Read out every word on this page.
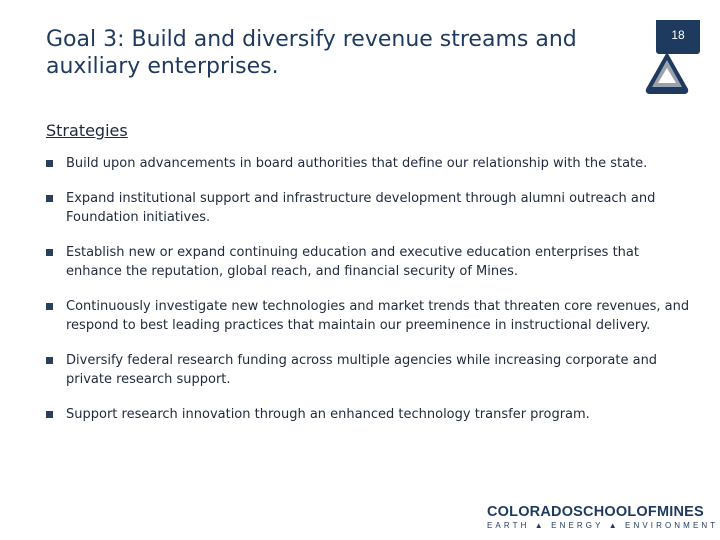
Goal 3: Build and diversify revenue streams and auxiliary enterprises.
18
Strategies
Build upon advancements in board authorities that define our relationship with the state.
Expand institutional support and infrastructure development through alumni outreach and Foundation initiatives.
Establish new or expand continuing education and executive education enterprises that enhance the reputation, global reach, and financial security of Mines.
Continuously investigate new technologies and market trends that threaten core revenues, and respond to best leading practices that maintain our preeminence in instructional delivery.
Diversify federal research funding across multiple agencies while increasing corporate and private research support.
Support research innovation through an enhanced technology transfer program.
COLORADOSCHOOLOFMINES
EARTH ▲ ENERGY ▲ ENVIRONMENT
